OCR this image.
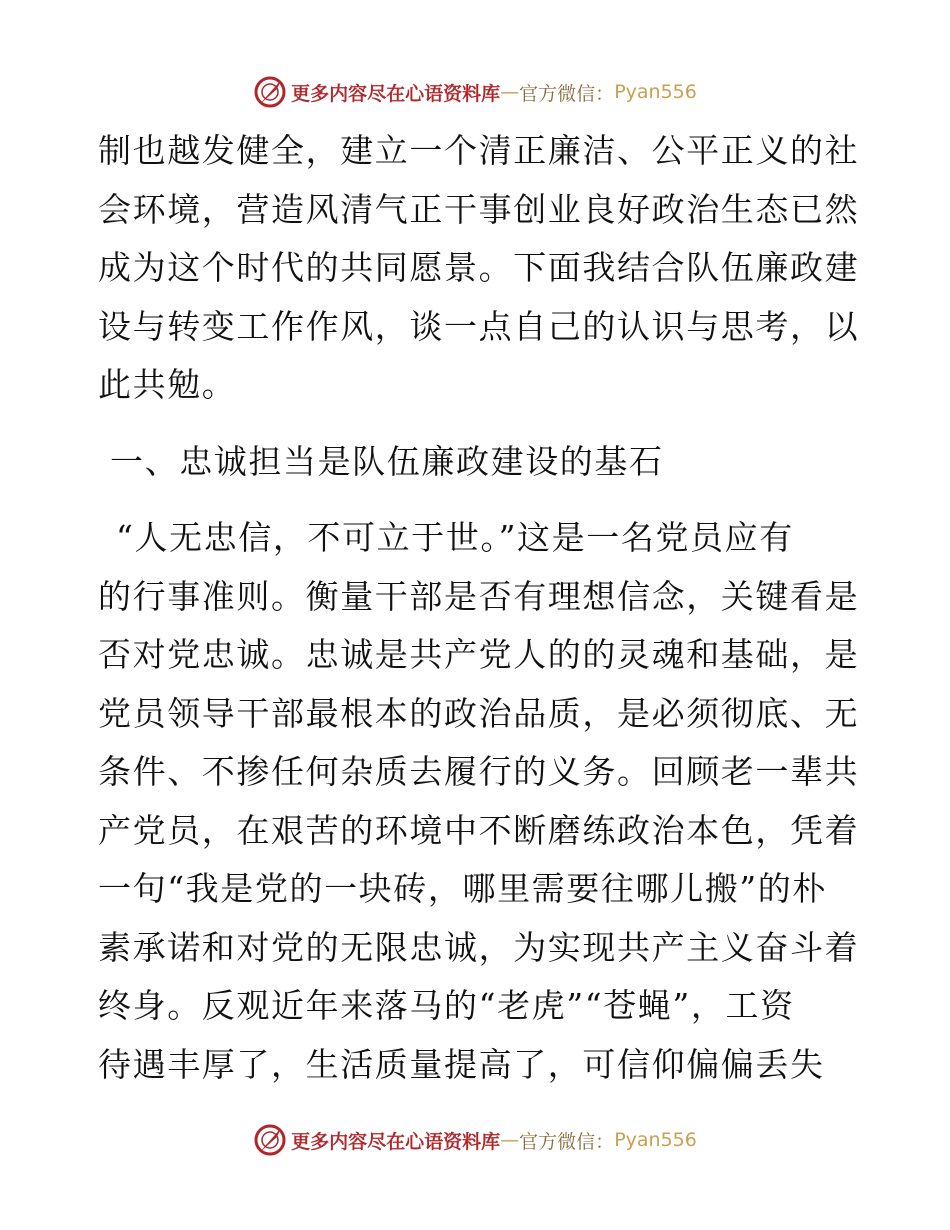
更多内容尽在心语资料库 — 官方微信： Pyan556
制也越发健全，建立一个清正廉洁、公平正义的社
会环境，营造风清气正干事创业良好政治生态已然
成为这个时代的共同愿景。下面我结合队伍廉政建
设与转变工作作风，谈一点自己的认识与思考，以
此共勉。
一、忠诚担当是队伍廉政建设的基石
“人无忠信，不可立于世。”这是一名党员应有
的行事准则。衡量干部是否有理想信念，关键看是
否对党忠诚。忠诚是共产党人的的灵魂和基础，是
党员领导干部最根本的政治品质，是必须彻底、无
条件、不掺任何杂质去履行的义务。回顾老一辈共
产党员，在艰苦的环境中不断磨练政治本色，凭着
一句“我是党的一块砖，哪里需要往哪儿搬”的朴
素承诺和对党的无限忠诚，为实现共产主义奋斗着
终身。反观近年来落马的“老虎”“苍蝇”，工资
待遇丰厚了，生活质量提高了，可信仰偏偏丢失
更多内容尽在心语资料库 — 官方微信： Pyan556
